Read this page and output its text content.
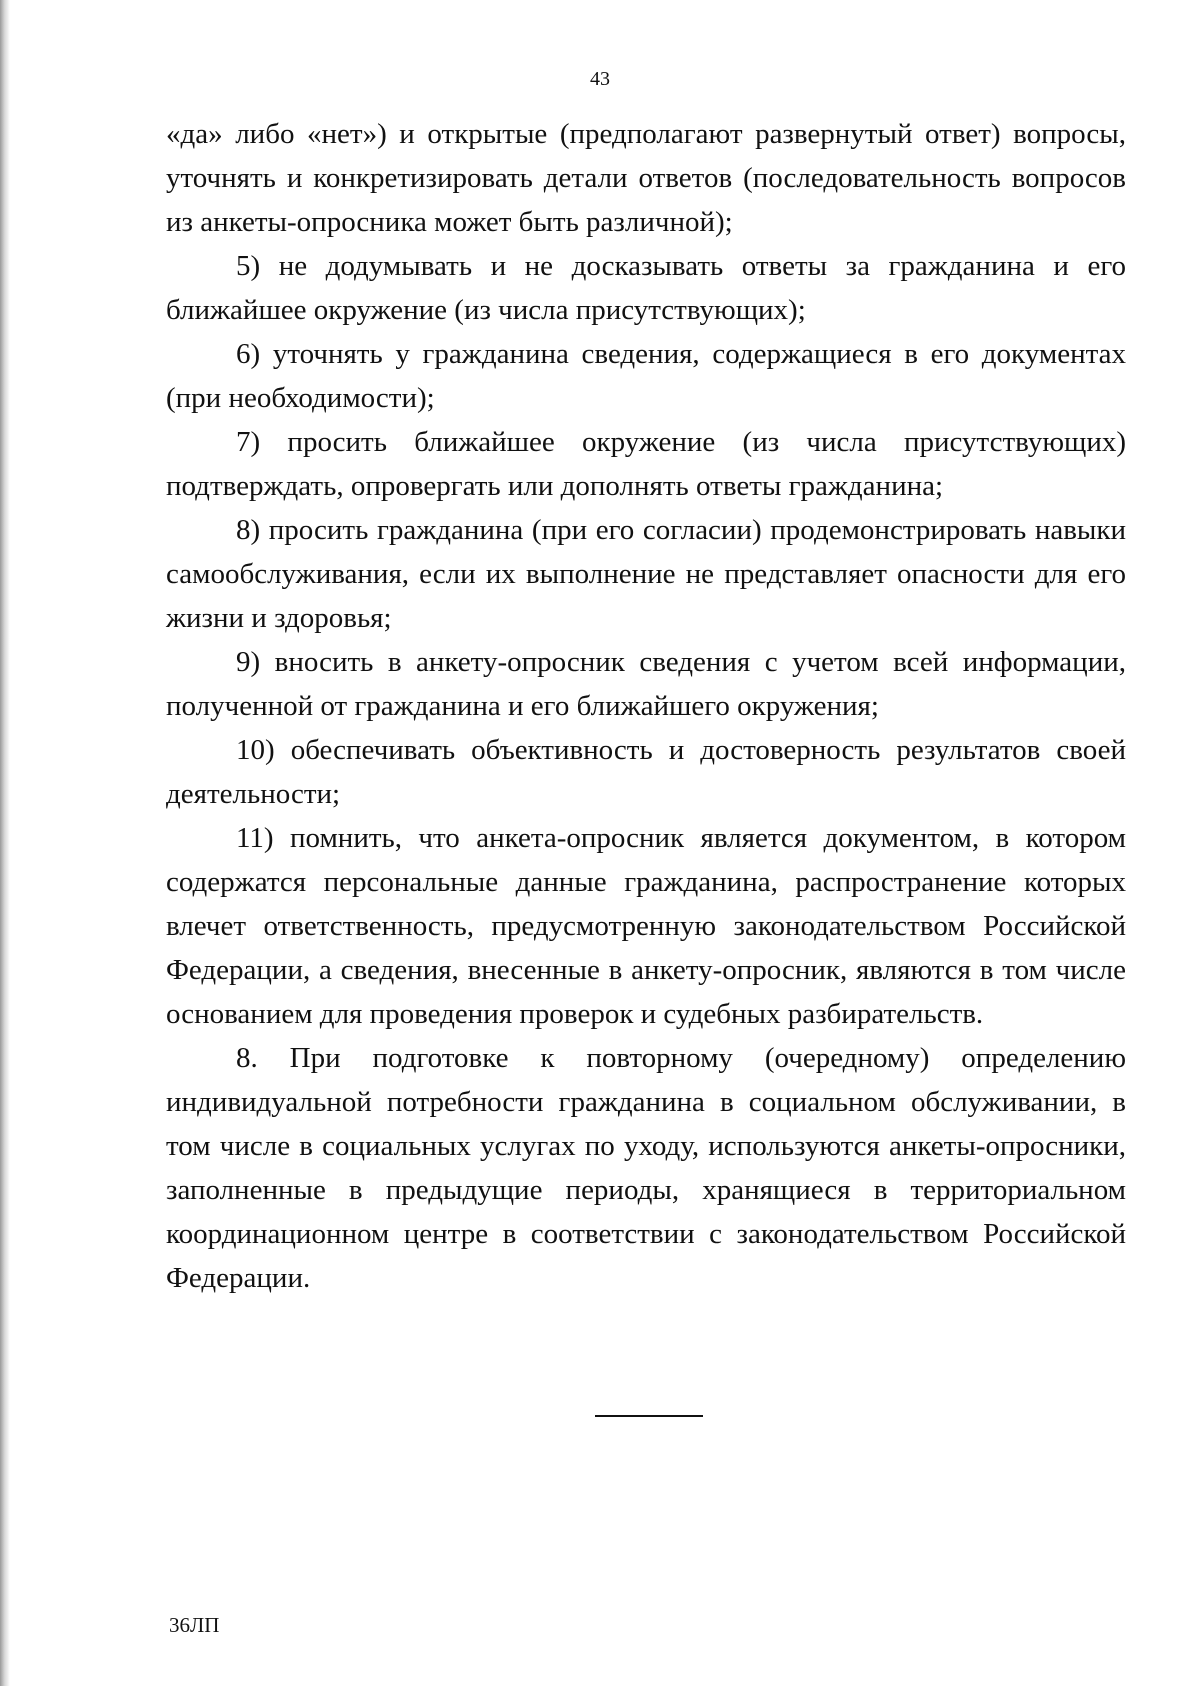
43

«да» либо «нет») и открытые (предполагают развернутый ответ) вопросы, уточнять и конкретизировать детали ответов (последовательность вопросов из анкеты-опросника может быть различной);

5) не додумывать и не досказывать ответы за гражданина и его ближайшее окружение (из числа присутствующих);

6) уточнять у гражданина сведения, содержащиеся в его документах (при необходимости);

7) просить ближайшее окружение (из числа присутствующих) подтверждать, опровергать или дополнять ответы гражданина;

8) просить гражданина (при его согласии) продемонстрировать навыки самообслуживания, если их выполнение не представляет опасности для его жизни и здоровья;

9) вносить в анкету-опросник сведения с учетом всей информации, полученной от гражданина и его ближайшего окружения;

10) обеспечивать объективность и достоверность результатов своей деятельности;

11) помнить, что анкета-опросник является документом, в котором содержатся персональные данные гражданина, распространение которых влечет ответственность, предусмотренную законодательством Российской Федерации, а сведения, внесенные в анкету-опросник, являются в том числе основанием для проведения проверок и судебных разбирательств.

8. При подготовке к повторному (очередному) определению индивидуальной потребности гражданина в социальном обслуживании, в том числе в социальных услугах по уходу, используются анкеты-опросники, заполненные в предыдущие периоды, хранящиеся в территориальном координационном центре в соответствии с законодательством Российской Федерации.

36ЛП
